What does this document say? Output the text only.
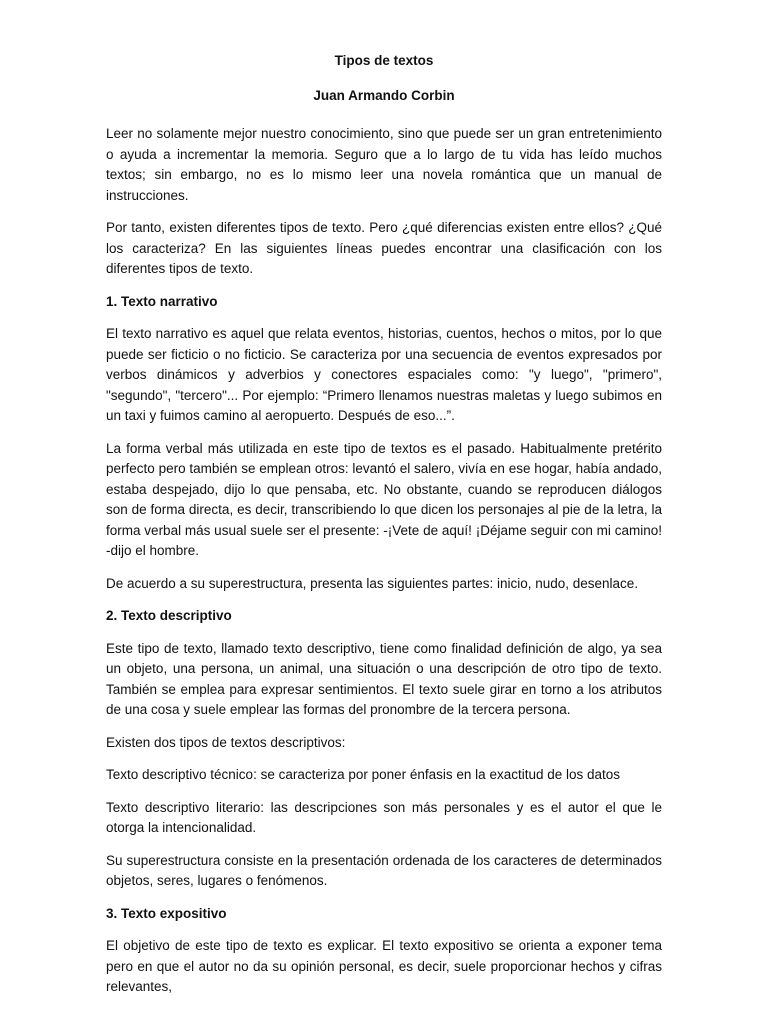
Tipos de textos

Juan Armando Corbin

Leer no solamente mejor nuestro conocimiento, sino que puede ser un gran entretenimiento o ayuda a incrementar la memoria. Seguro que a lo largo de tu vida has leído muchos textos; sin embargo, no es lo mismo leer una novela romántica que un manual de instrucciones.

Por tanto, existen diferentes tipos de texto. Pero ¿qué diferencias existen entre ellos? ¿Qué los caracteriza? En las siguientes líneas puedes encontrar una clasificación con los diferentes tipos de texto.

1. Texto narrativo

El texto narrativo es aquel que relata eventos, historias, cuentos, hechos o mitos, por lo que puede ser ficticio o no ficticio. Se caracteriza por una secuencia de eventos expresados por verbos dinámicos y adverbios y conectores espaciales como: "y luego", "primero", "segundo", "tercero"... Por ejemplo: “Primero llenamos nuestras maletas y luego subimos en un taxi y fuimos camino al aeropuerto. Después de eso...”.

La forma verbal más utilizada en este tipo de textos es el pasado. Habitualmente pretérito perfecto pero también se emplean otros: levantó el salero, vivía en ese hogar, había andado, estaba despejado, dijo lo que pensaba, etc. No obstante, cuando se reproducen diálogos son de forma directa, es decir, transcribiendo lo que dicen los personajes al pie de la letra, la forma verbal más usual suele ser el presente: -¡Vete de aquí! ¡Déjame seguir con mi camino! -dijo el hombre.

De acuerdo a su superestructura, presenta las siguientes partes: inicio, nudo, desenlace.

2. Texto descriptivo

Este tipo de texto, llamado texto descriptivo, tiene como finalidad definición de algo, ya sea un objeto, una persona, un animal, una situación o una descripción de otro tipo de texto. También se emplea para expresar sentimientos. El texto suele girar en torno a los atributos de una cosa y suele emplear las formas del pronombre de la tercera persona.

Existen dos tipos de textos descriptivos:

Texto descriptivo técnico: se caracteriza por poner énfasis en la exactitud de los datos

Texto descriptivo literario: las descripciones son más personales y es el autor el que le otorga la intencionalidad.

Su superestructura consiste en la presentación ordenada de los caracteres de determinados objetos, seres, lugares o fenómenos.

3. Texto expositivo

El objetivo de este tipo de texto es explicar. El texto expositivo se orienta a exponer tema pero en que el autor no da su opinión personal, es decir, suele proporcionar hechos y cifras relevantes,
